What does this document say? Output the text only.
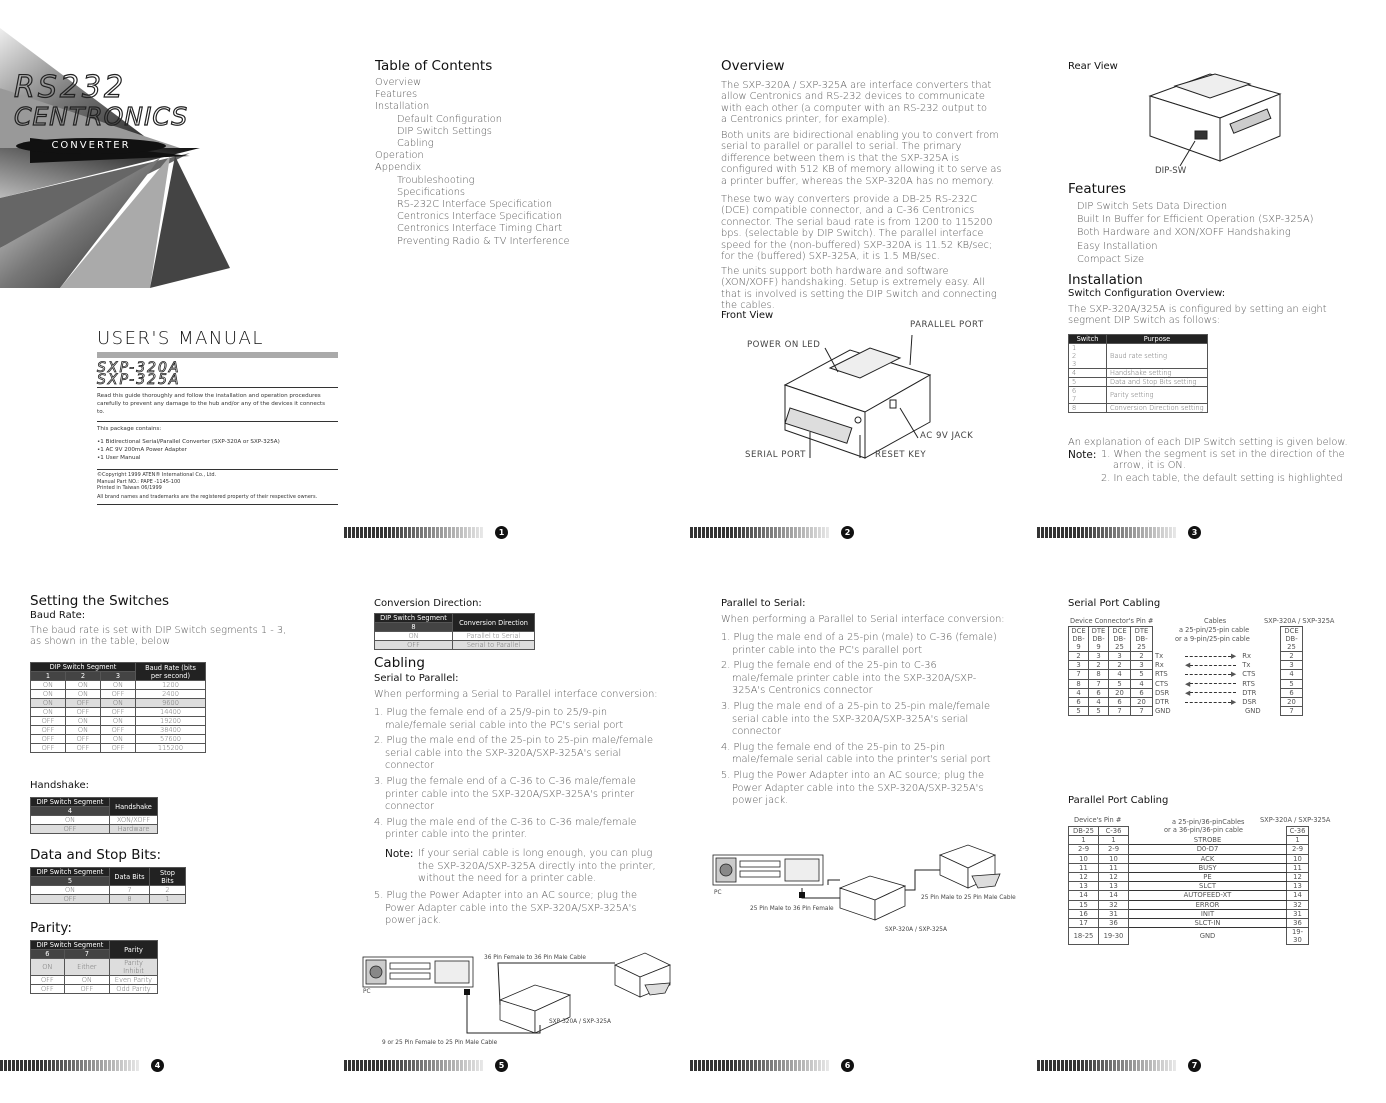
RS232
CENTRONICS
CONVERTER
USER'S MANUAL
SXP-320A
SXP-325A
Read this guide thoroughly and follow the installation and operation procedures carefully to prevent any damage to the hub and/or any of the devices it connects to.
This package contains:
•1 Bidirectional Serial/Parallel Converter (SXP-320A or SXP-325A)
•1 AC 9V 200mA Power Adapter
•1 User Manual
©Copyright 1999 ATEN® International Co., Ltd.
Manual Part NO.: PAPE -1145-100
Printed in Taiwan 06/1999
All brand names and trademarks are the registered property of their respective owners.
1
Table of Contents
Overview
Features
Installation
Default Configuration
DIP Switch Settings
Cabling
Operation
Appendix
Troubleshooting
Specifications
RS-232C Interface Specification
Centronics Interface Specification
Centronics Interface Timing Chart
Preventing Radio & TV Interference
Overview
The SXP-320A / SXP-325A are interface converters that allow Centronics and RS-232 devices to communicate with each other (a computer with an RS-232 output to a Centronics printer, for example).
Both units are bidirectional enabling you to convert from serial to parallel or parallel to serial. The primary difference between them is that the SXP-325A is configured with 512 KB of memory allowing it to serve as a printer buffer, whereas the SXP-320A has no memory.
These two way converters provide a DB-25 RS-232C (DCE) compatible connector, and a C-36 Centronics connector. The serial baud rate is from 1200 to 115200 bps. (selectable by DIP Switch). The parallel interface speed for the (non-buffered) SXP-320A is 11.52 KB/sec; for the (buffered) SXP-325A, it is 1.5 MB/sec.
The units support both hardware and software (XON/XOFF) handshaking. Setup is extremely easy. All that is involved is setting the DIP Switch and connecting the cables.
Front View
PARALLEL PORT
POWER ON LED
AC 9V JACK
SERIAL PORT	RESET KEY
2
Rear View
DIP-SW
Features
DIP Switch Sets Data Direction
Built In Buffer for Efficient Operation (SXP-325A)
Both Hardware and XON/XOFF Handshaking
Easy Installation
Compact Size
Installation
Switch Configuration Overview:
The SXP-320A/325A is configured by setting an eight segment DIP Switch as follows:
Switch	Purpose
1
2
3	Baud rate setting
4	Handshake setting
5	Data and Stop Bits setting
6
7	Parity setting
8	Conversion Direction setting
An explanation of each DIP Switch setting is given below.
Note: 1. When the segment is set in the direction of the arrow, it is ON.
2. In each table, the default setting is highlighted
3
Setting the Switches
Baud Rate:
The baud rate is set with DIP Switch segments 1 - 3, as shown in the table, below
DIP Switch Segment			Baud Rate (bits per second)
1	2	3	
ON	ON	ON	1200
ON	ON	OFF	2400
ON	OFF	ON	9600
ON	OFF	OFF	14400
OFF	ON	ON	19200
OFF	ON	OFF	38400
OFF	OFF	ON	57600
OFF	OFF	OFF	115200
Handshake:
DIP Switch Segment	Handshake
4	
ON	XON/XOFF
OFF	Hardware
Data and Stop Bits:
DIP Switch Segment	Data Bits	Stop Bits
5		
ON	7	2
OFF	8	1
Parity:
DIP Switch Segment		Parity
6	7	
ON	Either	Parity Inhibit
OFF	ON	Even Parity
OFF	OFF	Odd Parity
4
Conversion Direction:
DIP Switch Segment	Conversion Direction
8	
ON	Parallel to Serial
OFF	Serial to Parallel
Cabling
Serial to Parallel:
When performing a Serial to Parallel interface conversion:
1. Plug the female end of a 25/9-pin to 25/9-pin male/female serial cable into the PC's serial port
2. Plug the male end of the 25-pin to 25-pin male/female serial cable into the SXP-320A/SXP-325A's serial connector
3. Plug the female end of a C-36 to C-36 male/female printer cable into the SXP-320A/SXP-325A's printer connector
4. Plug the male end of the C-36 to C-36 male/female printer cable into the printer.
Note: If your serial cable is long enough, you can plug the SXP-320A/SXP-325A directly into the printer, without the need for a printer cable.
5. Plug the Power Adapter into an AC source; plug the Power Adapter cable into the SXP-320A/SXP-325A's power jack.
36 Pin Female to 36 Pin Male Cable
PC
SXP-320A / SXP-325A
9 or 25 Pin Female to 25 Pin Male Cable
5
Parallel to Serial:
When performing a Parallel to Serial interface conversion:
1. Plug the male end of a 25-pin (male) to C-36 (female) printer cable into the PC's parallel port
2. Plug the female end of the 25-pin to C-36 male/female printer cable into the SXP-320A/SXP-325A's Centronics connector
3. Plug the male end of a 25-pin to 25-pin male/female serial cable into the SXP-320A/SXP-325A's serial connector
4. Plug the female end of the 25-pin to 25-pin male/female serial cable into the printer's serial port
5. Plug the Power Adapter into an AC source; plug the Power Adapter cable into the SXP-320A/SXP-325A's power jack.
PC
25 Pin Male to 36 Pin Female
25 Pin Male to 25 Pin Male Cable
SXP-320A / SXP-325A
6
Serial Port Cabling
Device Connector's Pin #	Cables
a 25-pin/25-pin cable
or a 9-pin/25-pin cable
SXP-320A / SXP-325A
DCE DB-9	DTE DB-9	DCE DB-25	DTE DB-25		DCE DB-25
2	3	3	2	Tx ▶ Rx	2
3	2	2	3	Rx ◀ Tx	3
7	8	4	5	RTS ▶ CTS	4
8	7	5	4	CTS ◀ RTS	5
4	6	20	6	DSR ◀ DTR	6
6	4	6	20	DTR ▶ DSR	20
5	5	7	7	GND GND	7
Parallel Port Cabling
Device's Pin #	a 25-pin/36-pinCables
or a 36-pin/36-pin cable
SXP-320A / SXP-325A
DB-25	C-36		C-36
1	1	STROBE	1
2-9	2-9	D0-D7	2-9
10	10	ACK	10
11	11	BUSY	11
12	12	PE	12
13	13	SLCT	13
14	14	AUTOFEED-XT	14
15	32	ERROR	32
16	31	INIT	31
17	36	SLCT-IN	36
18-25	19-30	GND	19-30
7
